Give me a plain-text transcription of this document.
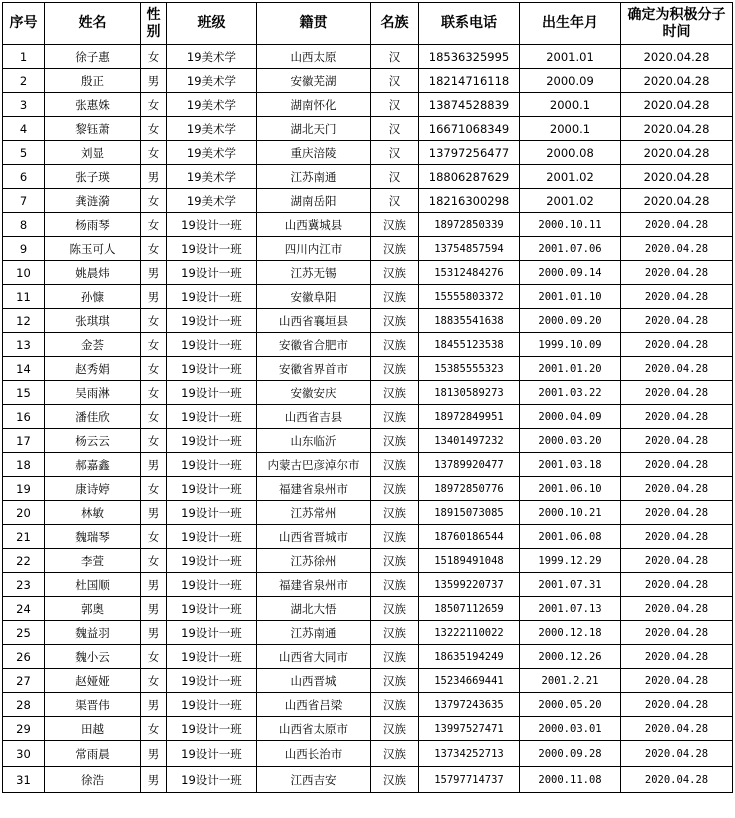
序号	姓名	性别	班级	籍贯	名族	联系电话	出生年月	确定为积极分子时间
1	徐子惠	女	19美术学	山西太原	汉	18536325995	2001.01	2020.04.28
2	殷正	男	19美术学	安徽芜湖	汉	18214716118	2000.09	2020.04.28
3	张惠姝	女	19美术学	湖南怀化	汉	13874528839	2000.1	2020.04.28
4	黎钰萧	女	19美术学	湖北天门	汉	16671068349	2000.1	2020.04.28
5	刘显	女	19美术学	重庆涪陵	汉	13797256477	2000.08	2020.04.28
6	张子瑛	男	19美术学	江苏南通	汉	18806287629	2001.02	2020.04.28
7	龚涟漪	女	19美术学	湖南岳阳	汉	18216300298	2001.02	2020.04.28
8	杨雨琴	女	19设计一班	山西冀城县	汉族	18972850339	2000.10.11	2020.04.28
9	陈玉可人	女	19设计一班	四川内江市	汉族	13754857594	2001.07.06	2020.04.28
10	姚晨炜	男	19设计一班	江苏无锡	汉族	15312484276	2000.09.14	2020.04.28
11	孙慷	男	19设计一班	安徽阜阳	汉族	15555803372	2001.01.10	2020.04.28
12	张琪琪	女	19设计一班	山西省襄垣县	汉族	18835541638	2000.09.20	2020.04.28
13	金荟	女	19设计一班	安徽省合肥市	汉族	18455123538	1999.10.09	2020.04.28
14	赵秀娟	女	19设计一班	安徽省界首市	汉族	15385555323	2001.01.20	2020.04.28
15	吴雨淋	女	19设计一班	安徽安庆	汉族	18130589273	2001.03.22	2020.04.28
16	潘佳欣	女	19设计一班	山西省吉县	汉族	18972849951	2000.04.09	2020.04.28
17	杨云云	女	19设计一班	山东临沂	汉族	13401497232	2000.03.20	2020.04.28
18	郝嘉鑫	男	19设计一班	内蒙古巴彦淖尔市	汉族	13789920477	2001.03.18	2020.04.28
19	康诗婷	女	19设计一班	福建省泉州市	汉族	18972850776	2001.06.10	2020.04.28
20	林敏	男	19设计一班	江苏常州	汉族	18915073085	2000.10.21	2020.04.28
21	魏瑞琴	女	19设计一班	山西省晋城市	汉族	18760186544	2001.06.08	2020.04.28
22	李萱	女	19设计一班	江苏徐州	汉族	15189491048	1999.12.29	2020.04.28
23	杜国顺	男	19设计一班	福建省泉州市	汉族	13599220737	2001.07.31	2020.04.28
24	郭奥	男	19设计一班	湖北大悟	汉族	18507112659	2001.07.13	2020.04.28
25	魏益羽	男	19设计一班	江苏南通	汉族	13222110022	2000.12.18	2020.04.28
26	魏小云	女	19设计一班	山西省大同市	汉族	18635194249	2000.12.26	2020.04.28
27	赵娅娅	女	19设计一班	山西晋城	汉族	15234669441	2001.2.21	2020.04.28
28	渠晋伟	男	19设计一班	山西省吕梁	汉族	13797243635	2000.05.20	2020.04.28
29	田越	女	19设计一班	山西省太原市	汉族	13997527471	2000.03.01	2020.04.28
30	常雨晨	男	19设计一班	山西长治市	汉族	13734252713	2000.09.28	2020.04.28
31	徐浩	男	19设计一班	江西吉安	汉族	15797714737	2000.11.08	2020.04.28
